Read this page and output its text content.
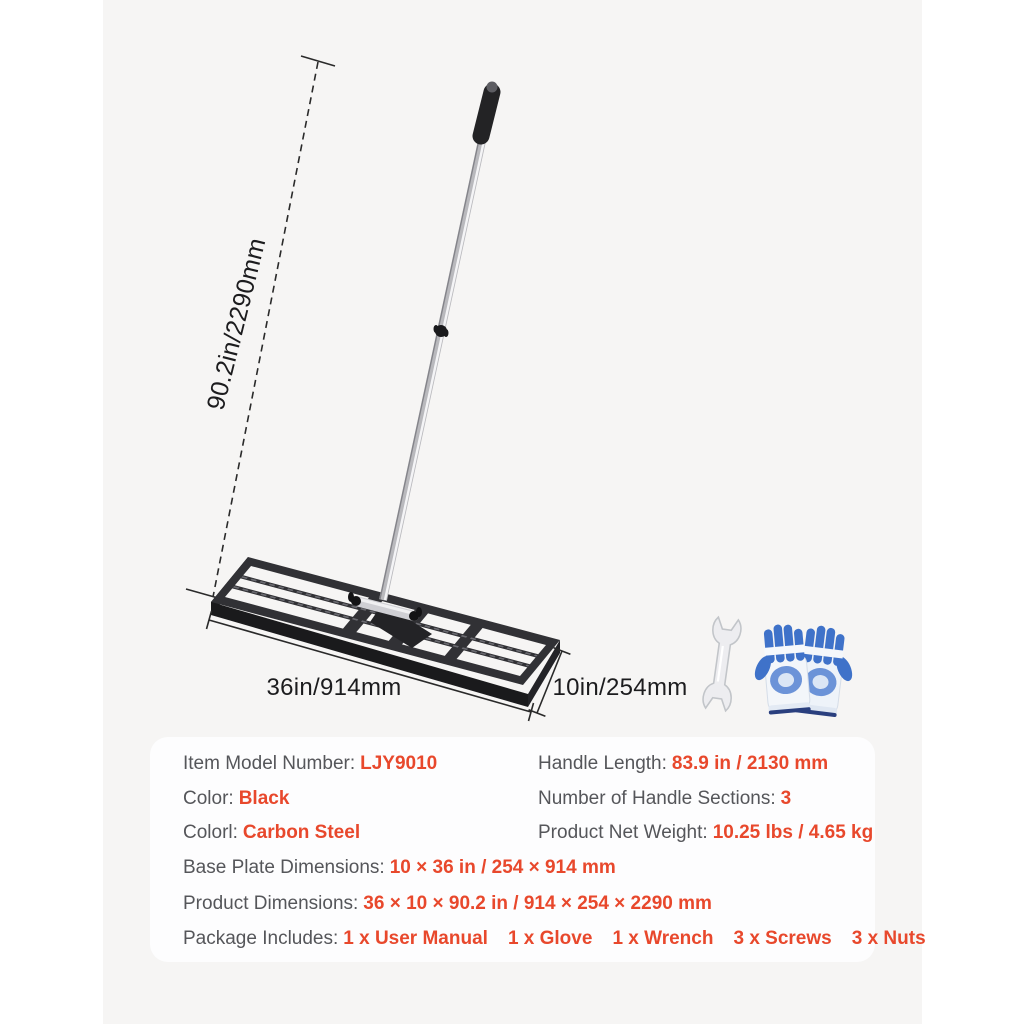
90.2in/2290mm
36in/914mm	10in/254mm
Item Model Number: LJY9010	Handle Length: 83.9 in / 2130 mm
Color: Black	Number of Handle Sections: 3
Colorl: Carbon Steel	Product Net Weight: 10.25 lbs / 4.65 kg
Base Plate Dimensions: 10 × 36 in / 254 × 914 mm
Product Dimensions: 36 × 10 × 90.2 in / 914 × 254 × 2290 mm
Package Includes: 1 x User Manual 1 x Glove 1 x Wrench 3 x Screws 3 x Nuts
